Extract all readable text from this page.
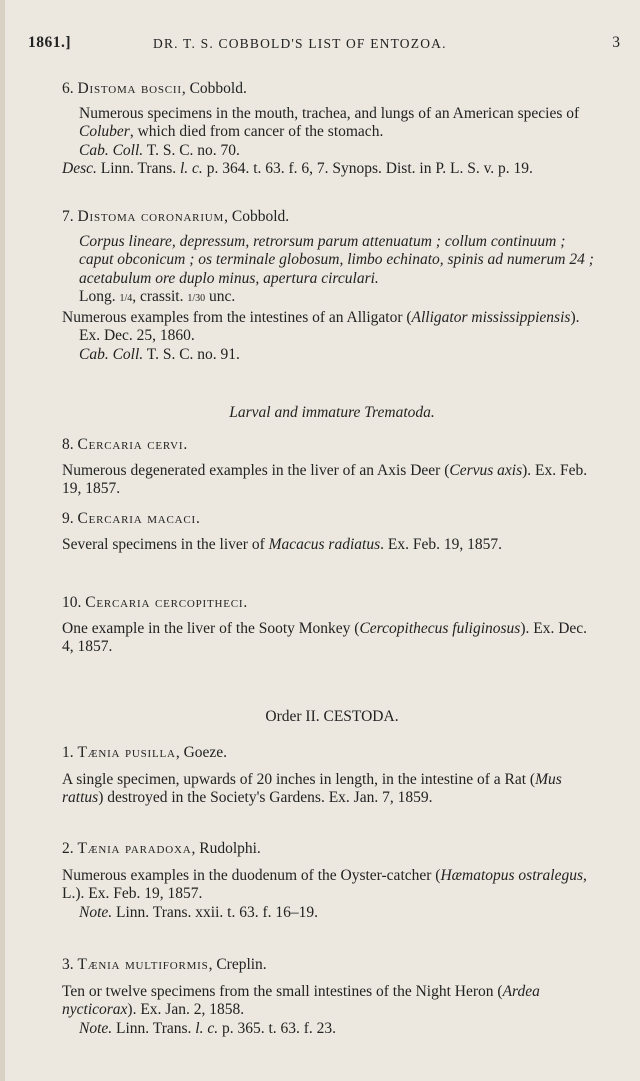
1861.]	DR. T. S. COBBOLD'S LIST OF ENTOZOA.	3

6. Distoma boscii, Cobbold.

Numerous specimens in the mouth, trachea, and lungs of an American species of Coluber, which died from cancer of the stomach.

Cab. Coll. T. S. C. no. 70.

Desc. Linn. Trans. l. c. p. 364. t. 63. f. 6, 7. Synops. Dist. in P. L. S. v. p. 19.

7. Distoma coronarium, Cobbold.

Corpus lineare, depressum, retrorsum parum attenuatum ; collum continuum ; caput obconicum ; os terminale globosum, limbo echinato, spinis ad numerum 24 ; acetabulum ore duplo minus, apertura circulari.

Long. 1/4, crassit. 1/30 unc.

Numerous examples from the intestines of an Alligator (Alligator mississippiensis). Ex. Dec. 25, 1860.

Cab. Coll. T. S. C. no. 91.

Larval and immature Trematoda.

8. Cercaria cervi.

Numerous degenerated examples in the liver of an Axis Deer (Cervus axis). Ex. Feb. 19, 1857.

9. Cercaria macaci.

Several specimens in the liver of Macacus radiatus. Ex. Feb. 19, 1857.

10. Cercaria cercopitheci.

One example in the liver of the Sooty Monkey (Cercopithecus fuliginosus). Ex. Dec. 4, 1857.

Order II. CESTODA.

1. Tænia pusilla, Goeze.

A single specimen, upwards of 20 inches in length, in the intestine of a Rat (Mus rattus) destroyed in the Society's Gardens. Ex. Jan. 7, 1859.

2. Tænia paradoxa, Rudolphi.

Numerous examples in the duodenum of the Oyster-catcher (Hæmatopus ostralegus, L.). Ex. Feb. 19, 1857.

Note. Linn. Trans. xxii. t. 63. f. 16–19.

3. Tænia multiformis, Creplin.

Ten or twelve specimens from the small intestines of the Night Heron (Ardea nycticorax). Ex. Jan. 2, 1858.

Note. Linn. Trans. l. c. p. 365. t. 63. f. 23.
